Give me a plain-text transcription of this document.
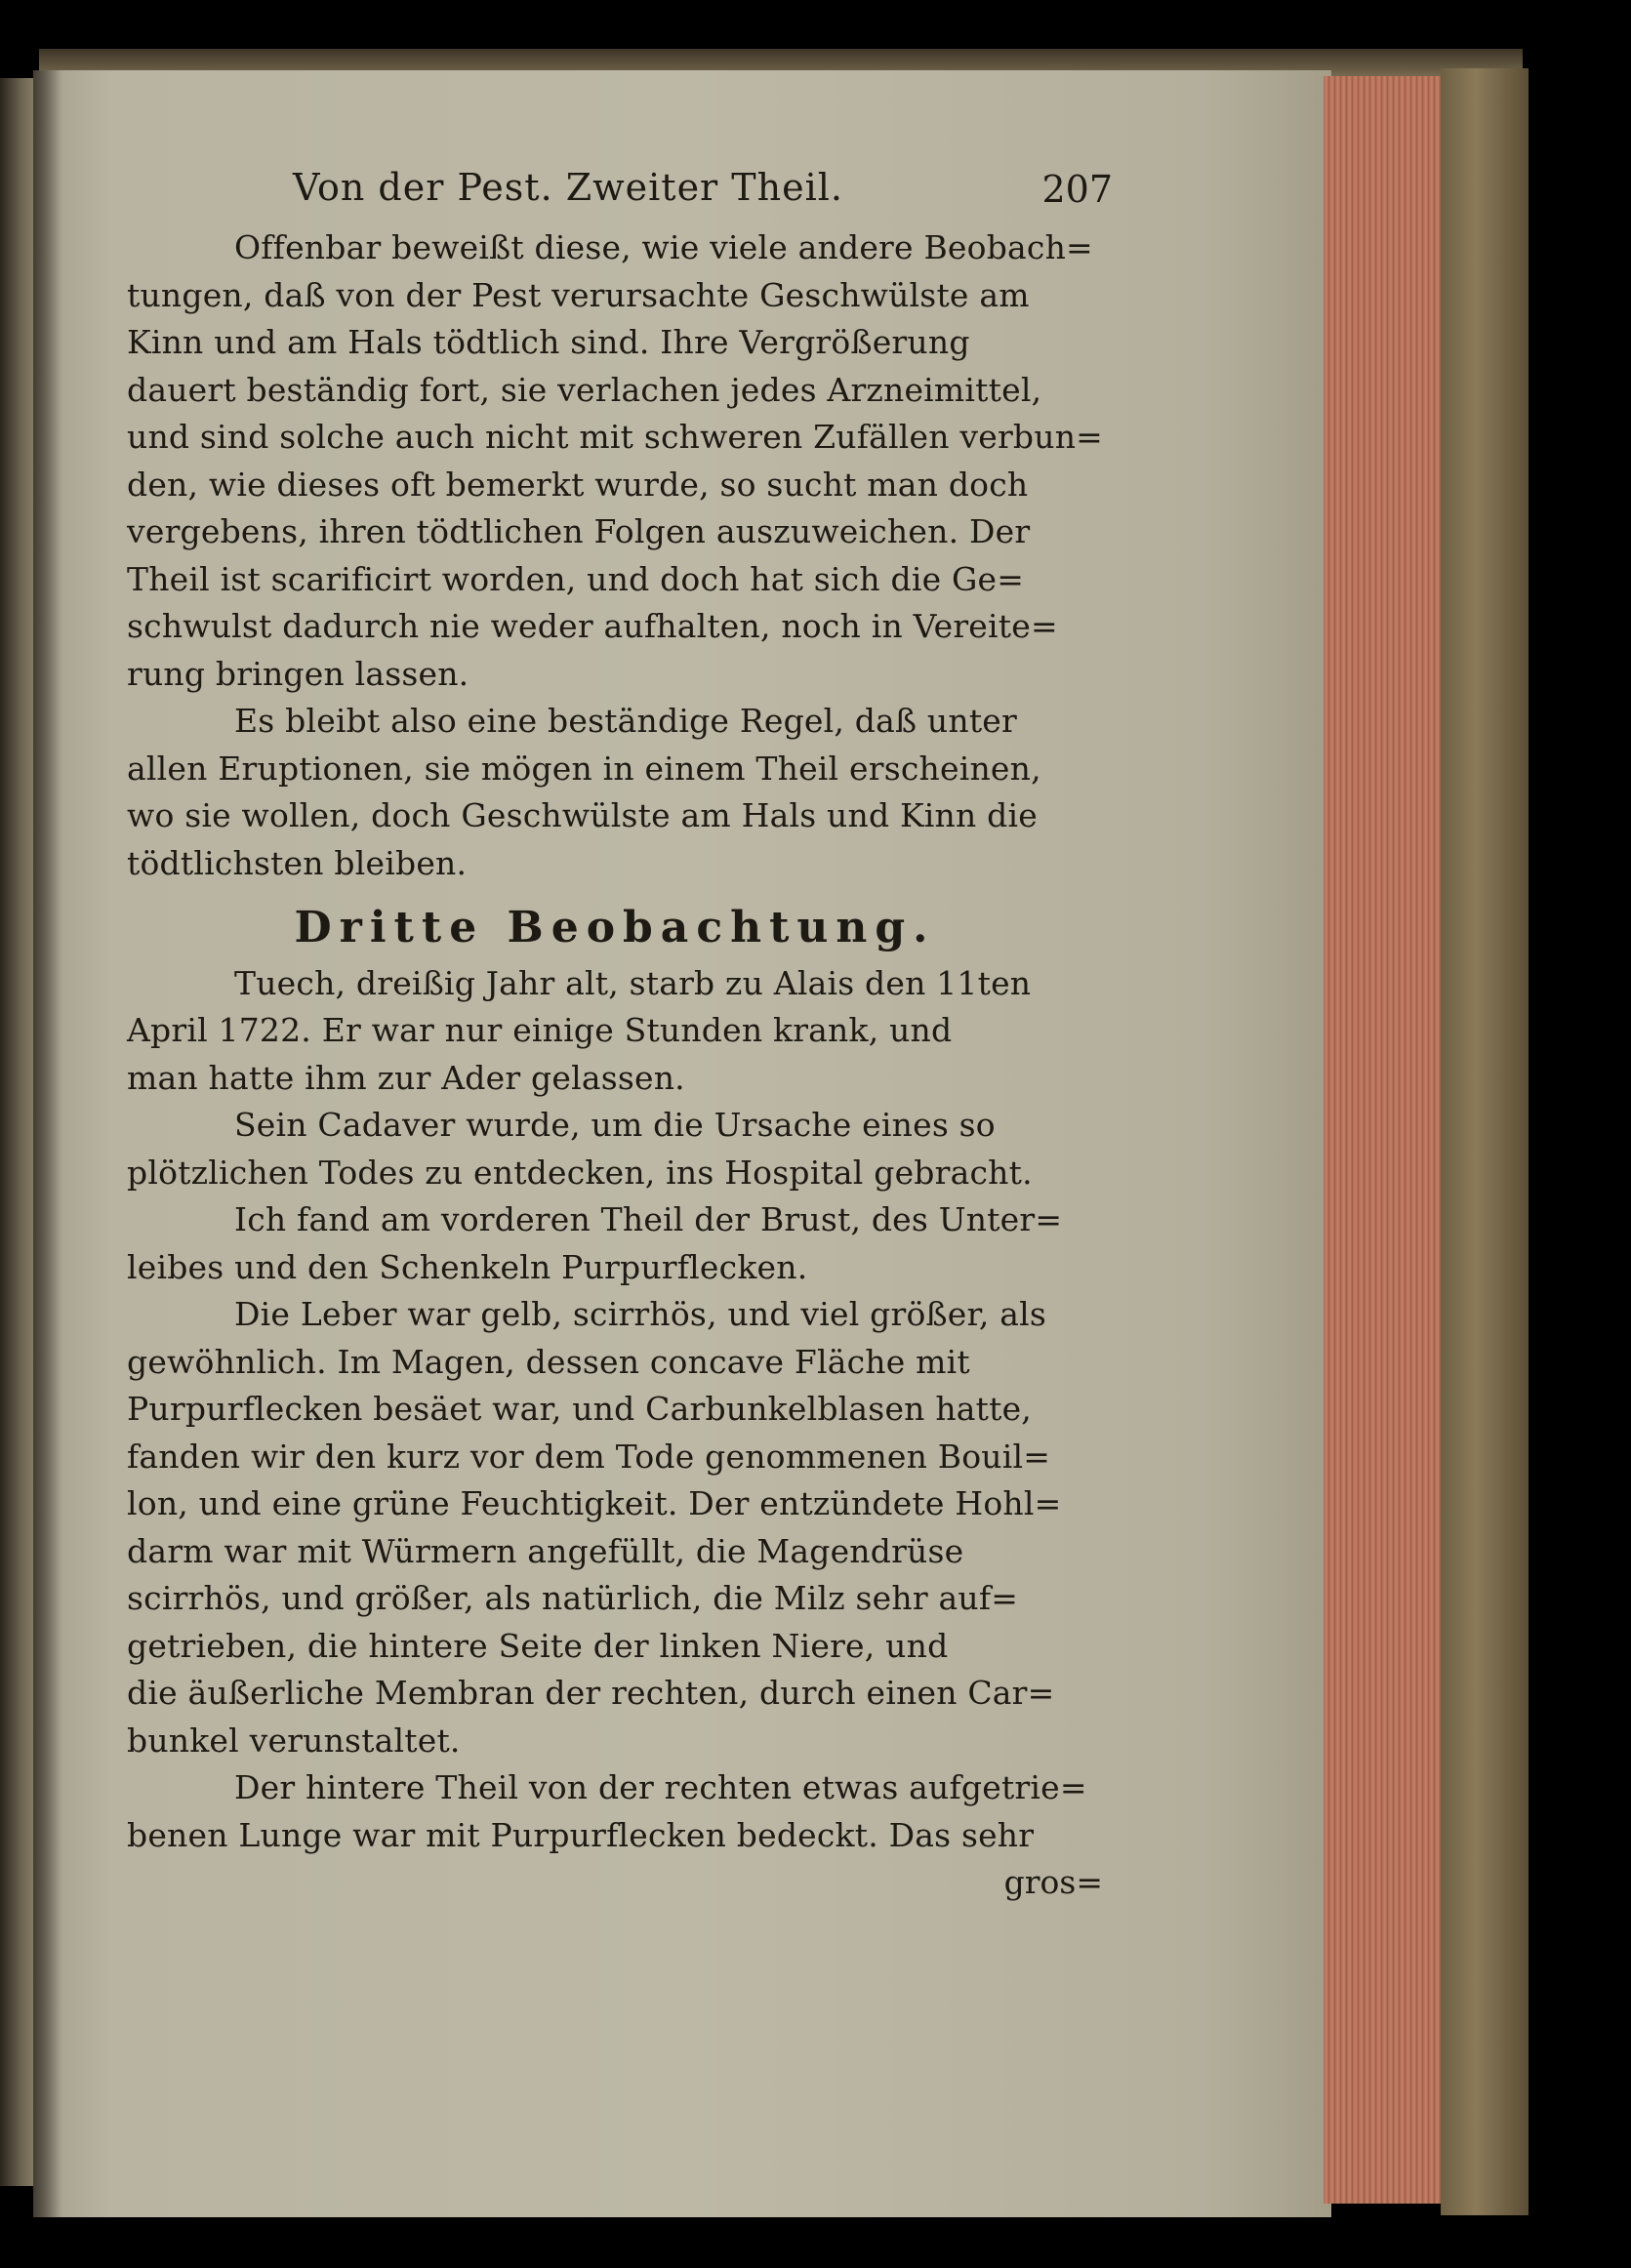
Von der Pest. Zweiter Theil.	207

Offenbar beweißt diese, wie viele andere Beobach=
tungen, daß von der Pest verursachte Geschwülste am
Kinn und am Hals tödtlich sind. Ihre Vergrößerung
dauert beständig fort, sie verlachen jedes Arzneimittel,
und sind solche auch nicht mit schweren Zufällen verbun=
den, wie dieses oft bemerkt wurde, so sucht man doch
vergebens, ihren tödtlichen Folgen auszuweichen. Der
Theil ist scarificirt worden, und doch hat sich die Ge=
schwulst dadurch nie weder aufhalten, noch in Vereite=
rung bringen lassen.

Es bleibt also eine beständige Regel, daß unter
allen Eruptionen, sie mögen in einem Theil erscheinen,
wo sie wollen, doch Geschwülste am Hals und Kinn die
tödtlichsten bleiben.

Dritte Beobachtung.

Tuech, dreißig Jahr alt, starb zu Alais den 11ten
April 1722. Er war nur einige Stunden krank, und
man hatte ihm zur Ader gelassen.

Sein Cadaver wurde, um die Ursache eines so
plötzlichen Todes zu entdecken, ins Hospital gebracht.

Ich fand am vorderen Theil der Brust, des Unter=
leibes und den Schenkeln Purpurflecken.

Die Leber war gelb, scirrhös, und viel größer, als
gewöhnlich. Im Magen, dessen concave Fläche mit
Purpurflecken besäet war, und Carbunkelblasen hatte,
fanden wir den kurz vor dem Tode genommenen Bouil=
lon, und eine grüne Feuchtigkeit. Der entzündete Hohl=
darm war mit Würmern angefüllt, die Magendrüse
scirrhös, und größer, als natürlich, die Milz sehr auf=
getrieben, die hintere Seite der linken Niere, und
die äußerliche Membran der rechten, durch einen Car=
bunkel verunstaltet.

Der hintere Theil von der rechten etwas aufgetrie=
benen Lunge war mit Purpurflecken bedeckt. Das sehr

gros=
